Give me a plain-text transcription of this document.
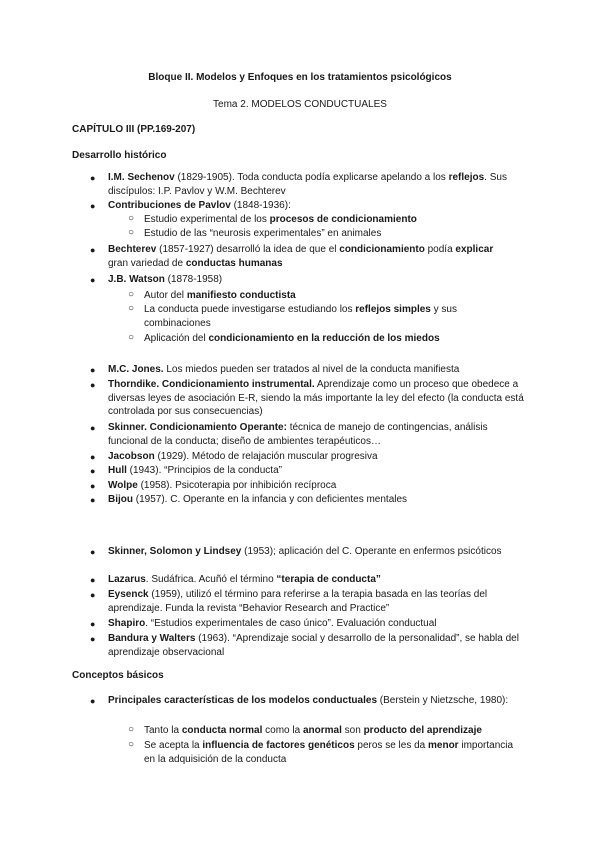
Bloque II. Modelos y Enfoques en los tratamientos psicológicos
Tema 2. MODELOS CONDUCTUALES
CAPÍTULO III (PP.169-207)
Desarrollo histórico
● I.M. Sechenov (1829-1905). Toda conducta podía explicarse apelando a los reflejos. Sus discípulos: I.P. Pavlov y W.M. Bechterev
● Contribuciones de Pavlov (1848-1936):
○ Estudio experimental de los procesos de condicionamiento
○ Estudio de las “neurosis experimentales” en animales
● Bechterev (1857-1927) desarrolló la idea de que el condicionamiento podía explicar gran variedad de conductas humanas
● J.B. Watson (1878-1958)
○ Autor del manifiesto conductista
○ La conducta puede investigarse estudiando los reflejos simples y sus combinaciones
○ Aplicación del condicionamiento en la reducción de los miedos
● M.C. Jones. Los miedos pueden ser tratados al nivel de la conducta manifiesta
● Thorndike. Condicionamiento instrumental. Aprendizaje como un proceso que obedece a diversas leyes de asociación E-R, siendo la más importante la ley del efecto (la conducta está controlada por sus consecuencias)
● Skinner. Condicionamiento Operante: técnica de manejo de contingencias, análisis funcional de la conducta; diseño de ambientes terapéuticos…
● Jacobson (1929). Método de relajación muscular progresiva
● Hull (1943). “Principios de la conducta”
● Wolpe (1958). Psicoterapia por inhibición recíproca
● Bijou (1957). C. Operante en la infancia y con deficientes mentales
● Skinner, Solomon y Lindsey (1953); aplicación del C. Operante en enfermos psicóticos
● Lazarus. Sudáfrica. Acuñó el término “terapia de conducta”
● Eysenck (1959), utilizó el término para referirse a la terapia basada en las teorías del aprendizaje. Funda la revista “Behavior Research and Practice”
● Shapiro. “Estudios experimentales de caso único”. Evaluación conductual
● Bandura y Walters (1963). “Aprendizaje social y desarrollo de la personalidad”, se habla del aprendizaje observacional
Conceptos básicos
● Principales características de los modelos conductuales (Berstein y Nietzsche, 1980):
○ Tanto la conducta normal como la anormal son producto del aprendizaje
○ Se acepta la influencia de factores genéticos peros se les da menor importancia en la adquisición de la conducta
